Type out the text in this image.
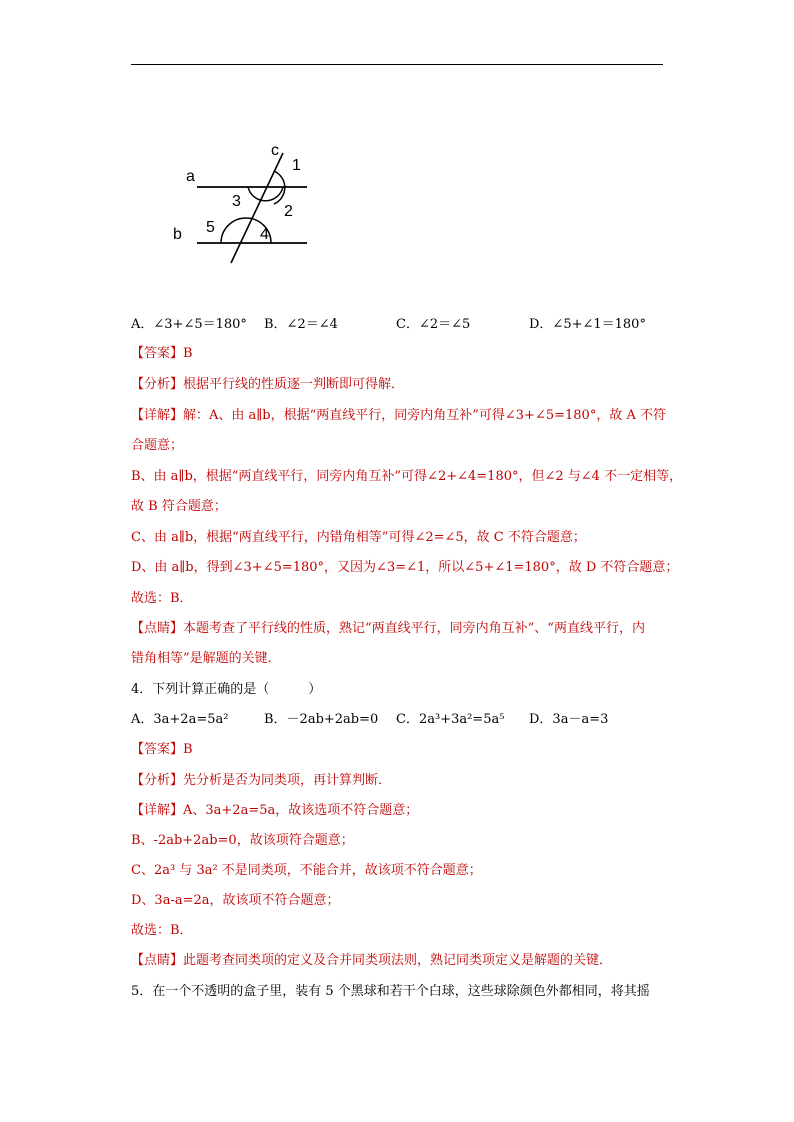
a
b
c
1
2
3
4
5
A．∠3+∠5＝180° B．∠2＝∠4	C．∠2＝∠5	D．∠5+∠1＝180°
【答案】B
【分析】根据平行线的性质逐一判断即可得解．
【详解】解：A、由 a∥b，根据“两直线平行，同旁内角互补”可得∠3+∠5=180°，故 A 不符
合题意；
B、由 a∥b，根据“两直线平行，同旁内角互补”可得∠2+∠4=180°，但∠2 与∠4 不一定相等，
故 B 符合题意；
C、由 a∥b，根据“两直线平行，内错角相等”可得∠2=∠5，故 C 不符合题意；
D、由 a∥b，得到∠3+∠5=180°，又因为∠3=∠1，所以∠5+∠1=180°，故 D 不符合题意；
故选：B．
【点睛】本题考查了平行线的性质，熟记“两直线平行，同旁内角互补”、“两直线平行，内
错角相等”是解题的关键．
4．下列计算正确的是（　　　）
A．3a+2a=5a²	B．－2ab+2ab=0 C．2a³+3a²=5a⁵ D．3a－a=3
【答案】B
【分析】先分析是否为同类项，再计算判断．
【详解】A、3a+2a=5a，故该选项不符合题意；
B、-2ab+2ab=0，故该项符合题意；
C、2a³ 与 3a² 不是同类项，不能合并，故该项不符合题意；
D、3a-a=2a，故该项不符合题意；
故选：B．
【点睛】此题考查同类项的定义及合并同类项法则，熟记同类项定义是解题的关键．
5．在一个不透明的盒子里，装有 5 个黑球和若干个白球，这些球除颜色外都相同，将其摇
